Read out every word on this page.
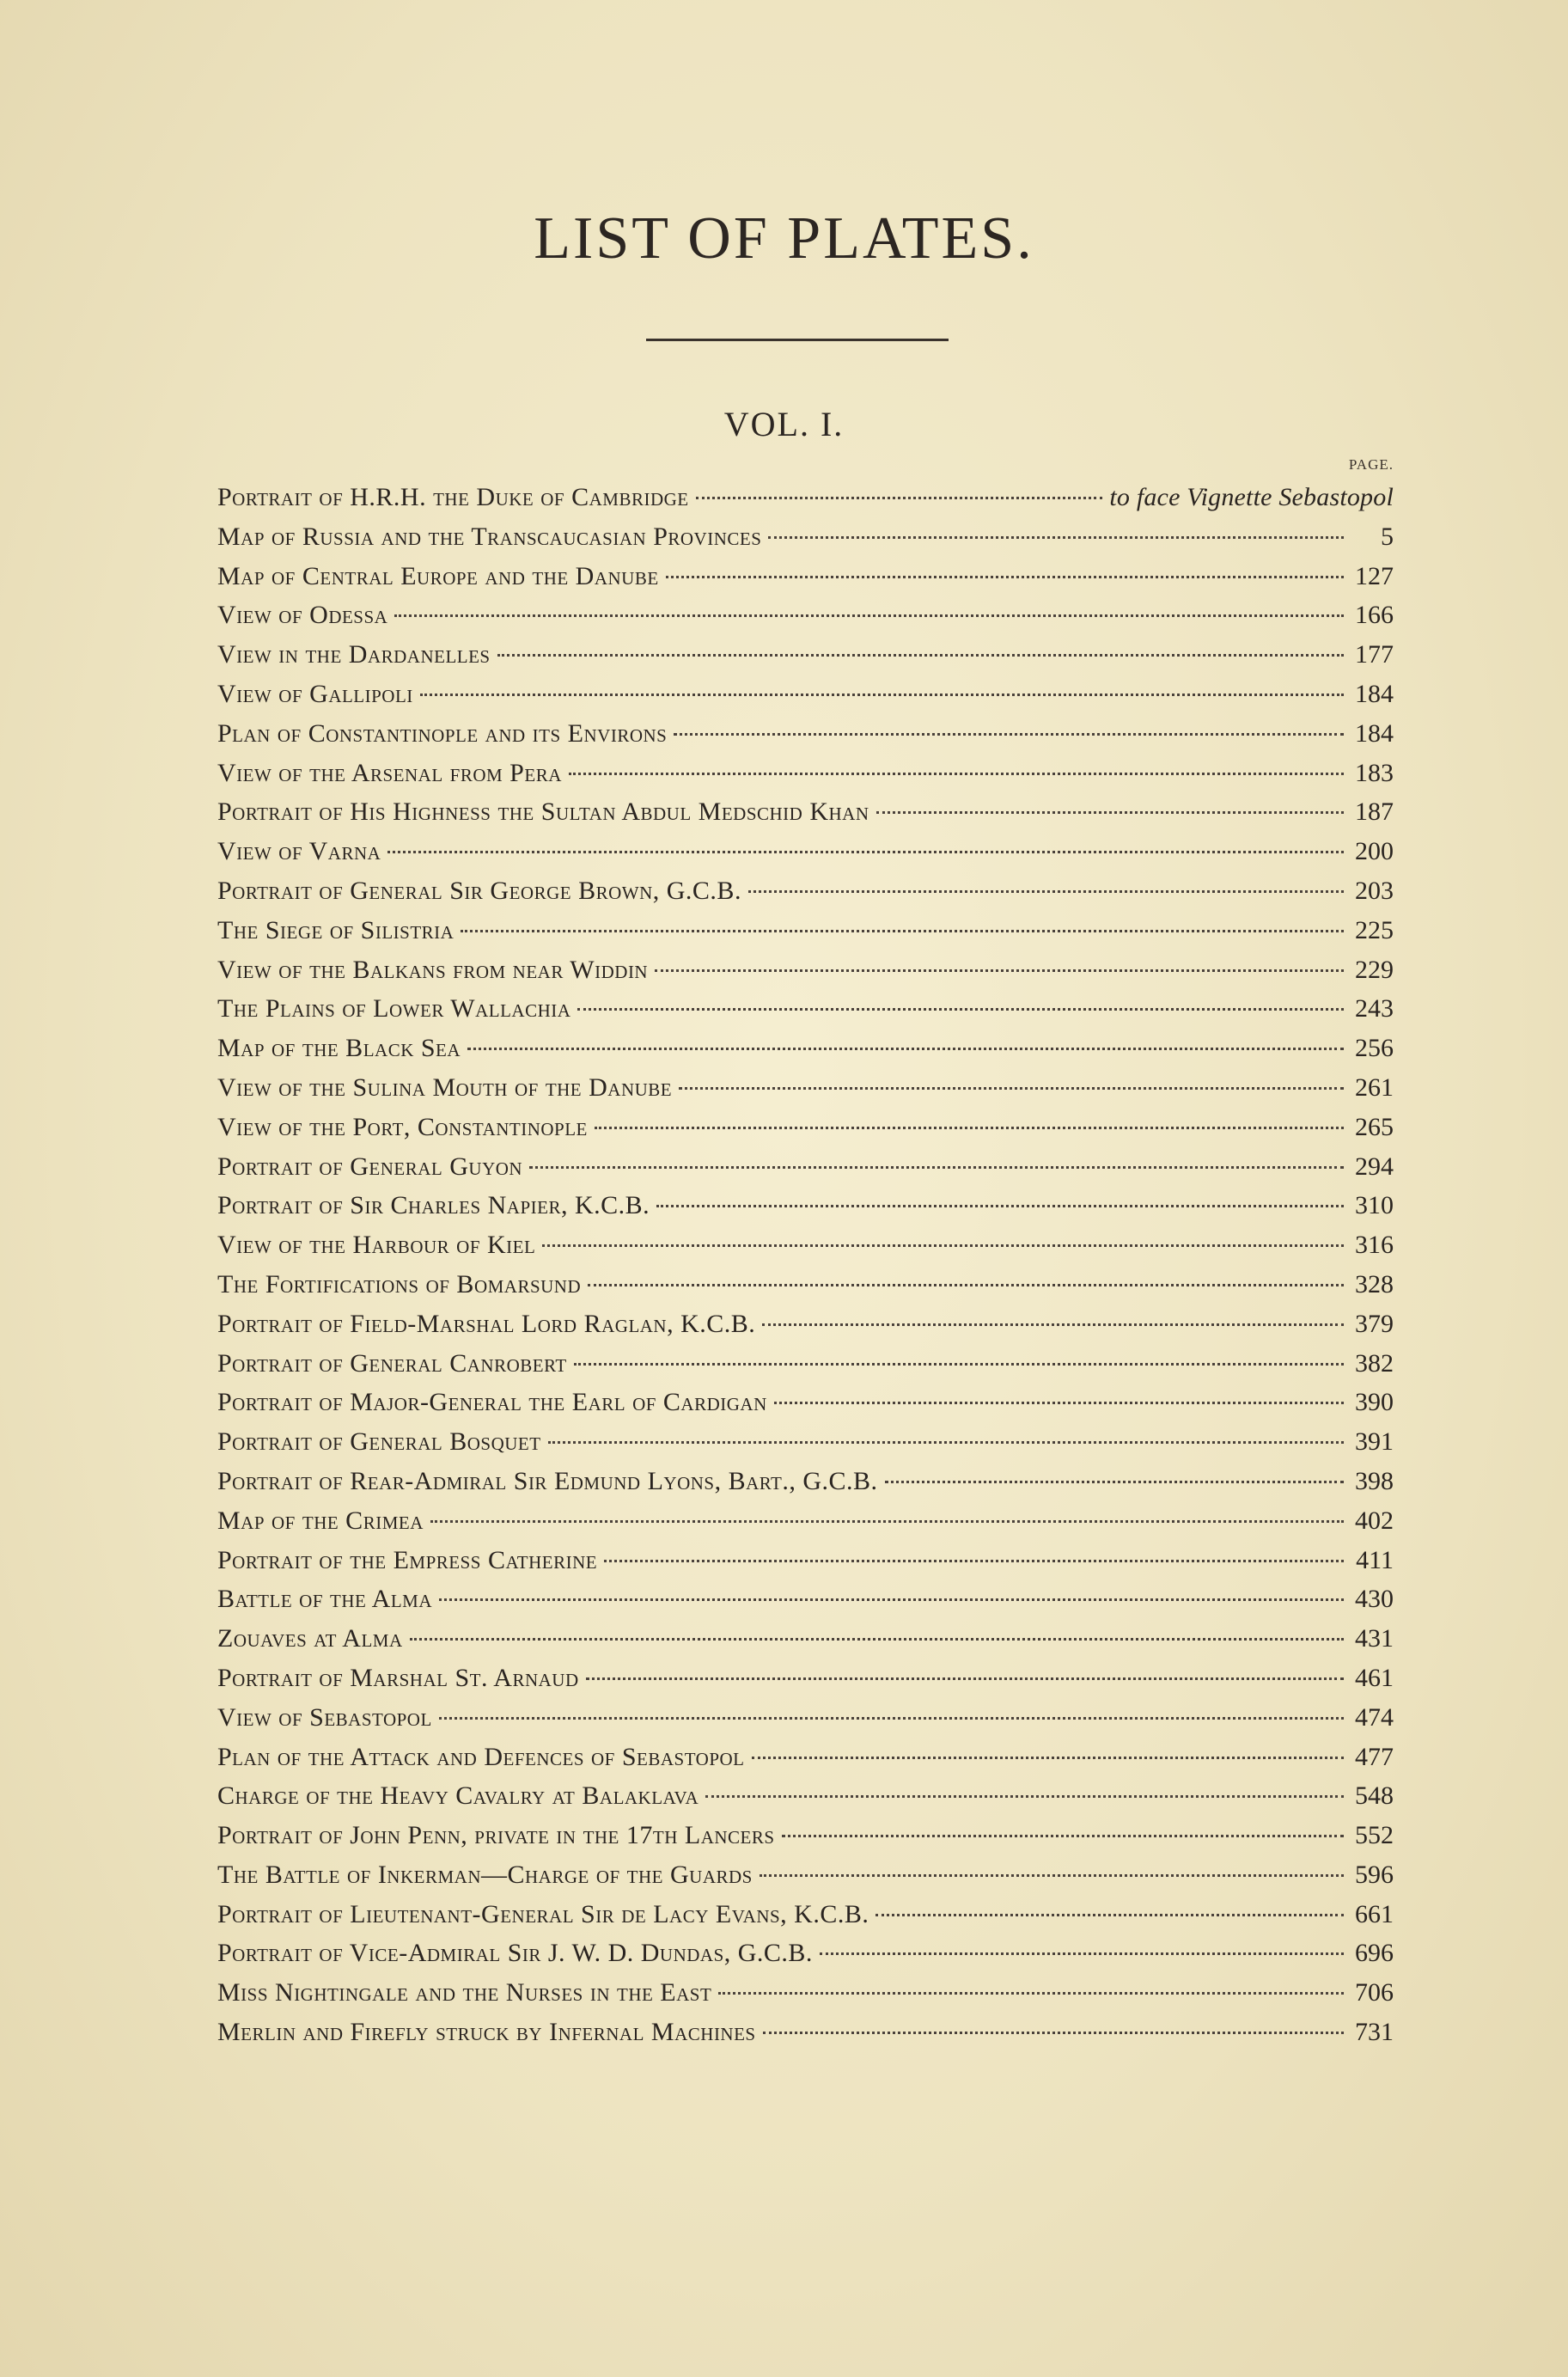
LIST OF PLATES.
VOL. I.
PAGE.
Portrait of H.R.H. the Duke of Cambridge	to face Vignette Sebastopol
Map of Russia and the Transcaucasian Provinces	5
Map of Central Europe and the Danube	127
View of Odessa	166
View in the Dardanelles	177
View of Gallipoli	184
Plan of Constantinople and its Environs	184
View of the Arsenal from Pera	183
Portrait of His Highness the Sultan Abdul Medschid Khan	187
View of Varna	200
Portrait of General Sir George Brown, G.C.B.	203
The Siege of Silistria	225
View of the Balkans from near Widdin	229
The Plains of Lower Wallachia	243
Map of the Black Sea	256
View of the Sulina Mouth of the Danube	261
View of the Port, Constantinople	265
Portrait of General Guyon	294
Portrait of Sir Charles Napier, K.C.B.	310
View of the Harbour of Kiel	316
The Fortifications of Bomarsund	328
Portrait of Field-Marshal Lord Raglan, K.C.B.	379
Portrait of General Canrobert	382
Portrait of Major-General the Earl of Cardigan	390
Portrait of General Bosquet	391
Portrait of Rear-Admiral Sir Edmund Lyons, Bart., G.C.B.	398
Map of the Crimea	402
Portrait of the Empress Catherine	411
Battle of the Alma	430
Zouaves at Alma	431
Portrait of Marshal St. Arnaud	461
View of Sebastopol	474
Plan of the Attack and Defences of Sebastopol	477
Charge of the Heavy Cavalry at Balaklava	548
Portrait of John Penn, private in the 17th Lancers	552
The Battle of Inkerman—Charge of the Guards	596
Portrait of Lieutenant-General Sir de Lacy Evans, K.C.B.	661
Portrait of Vice-Admiral Sir J. W. D. Dundas, G.C.B.	696
Miss Nightingale and the Nurses in the East	706
Merlin and Firefly struck by Infernal Machines	731
